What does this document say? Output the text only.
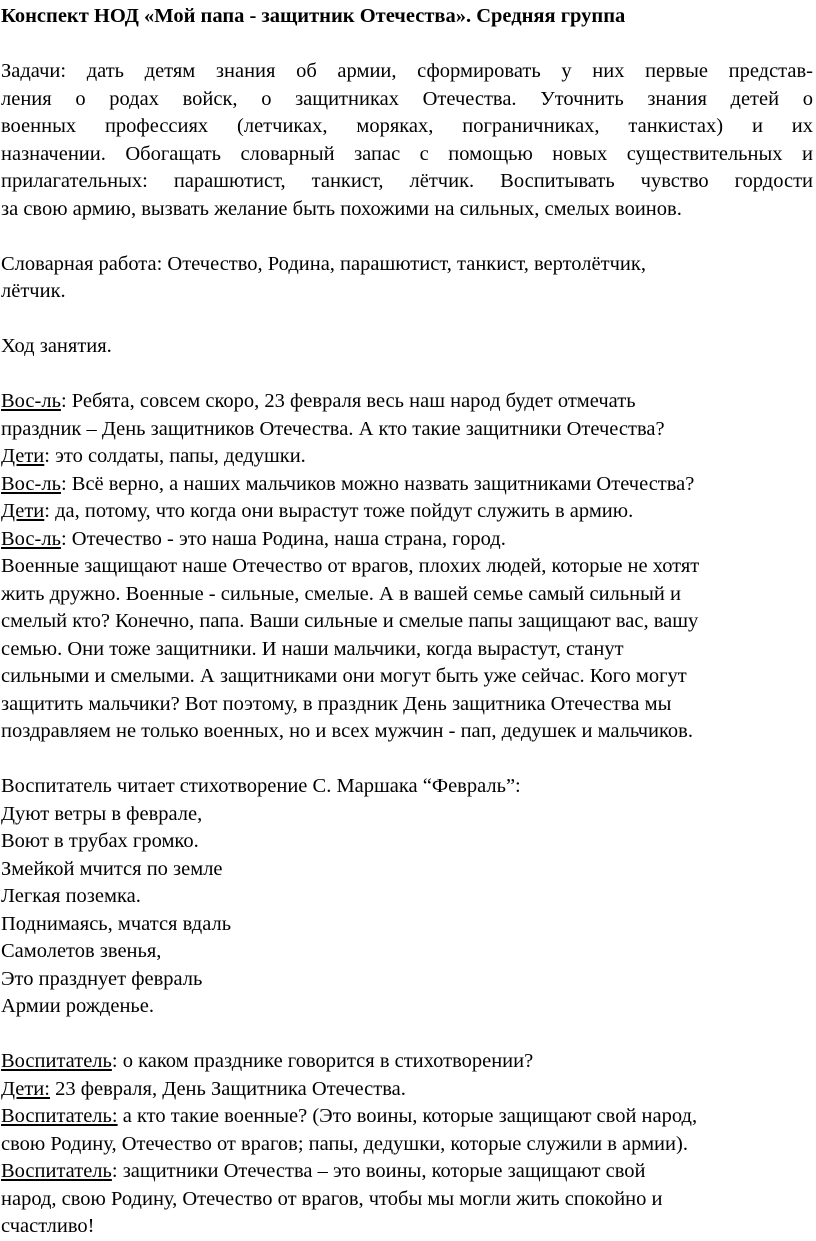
Конспект НОД «Мой папа - защитник Отечества». Средняя группа

Задачи: дать детям знания об армии, сформировать у них первые представ-

ления о родах войск, о защитниках Отечества. Уточнить знания детей о

военных профессиях (летчиках, моряках, пограничниках, танкистах) и их

назначении. Обогащать словарный запас с помощью новых существительных и

прилагательных: парашютист, танкист, лётчик. Воспитывать чувство гордости

за свою армию, вызвать желание быть похожими на сильных, смелых воинов.

Словарная работа: Отечество, Родина, парашютист, танкист, вертолётчик,

лётчик.

Ход занятия.

Вос-ль: Ребята, совсем скоро, 23 февраля весь наш народ будет отмечать

праздник – День защитников Отечества. А кто такие защитники Отечества?

Дети: это солдаты, папы, дедушки.

Вос-ль: Всё верно, а наших мальчиков можно назвать защитниками Отечества?

Дети: да, потому, что когда они вырастут тоже пойдут служить в армию.

Вос-ль: Отечество - это наша Родина, наша страна, город.

Военные защищают наше Отечество от врагов, плохих людей, которые не хотят

жить дружно. Военные - сильные, смелые. А в вашей семье самый сильный и

смелый кто? Конечно, папа. Ваши сильные и смелые папы защищают вас, вашу

семью. Они тоже защитники. И наши мальчики, когда вырастут, станут

сильными и смелыми. А защитниками они могут быть уже сейчас. Кого могут

защитить мальчики? Вот поэтому, в праздник День защитника Отечества мы

поздравляем не только военных, но и всех мужчин - пап, дедушек и мальчиков.

Воспитатель читает стихотворение С. Маршака “Февраль”:

Дуют ветры в феврале,

Воют в трубах громко.

Змейкой мчится по земле

Легкая поземка.

Поднимаясь, мчатся вдаль

Самолетов звенья,

Это празднует февраль

Армии рожденье.

Воспитатель: о каком празднике говорится в стихотворении?

Дети: 23 февраля, День Защитника Отечества.

Воспитатель: а кто такие военные? (Это воины, которые защищают свой народ,

свою Родину, Отечество от врагов; папы, дедушки, которые служили в армии).

Воспитатель: защитники Отечества – это воины, которые защищают свой

народ, свою Родину, Отечество от врагов, чтобы мы могли жить спокойно и

счастливо!
